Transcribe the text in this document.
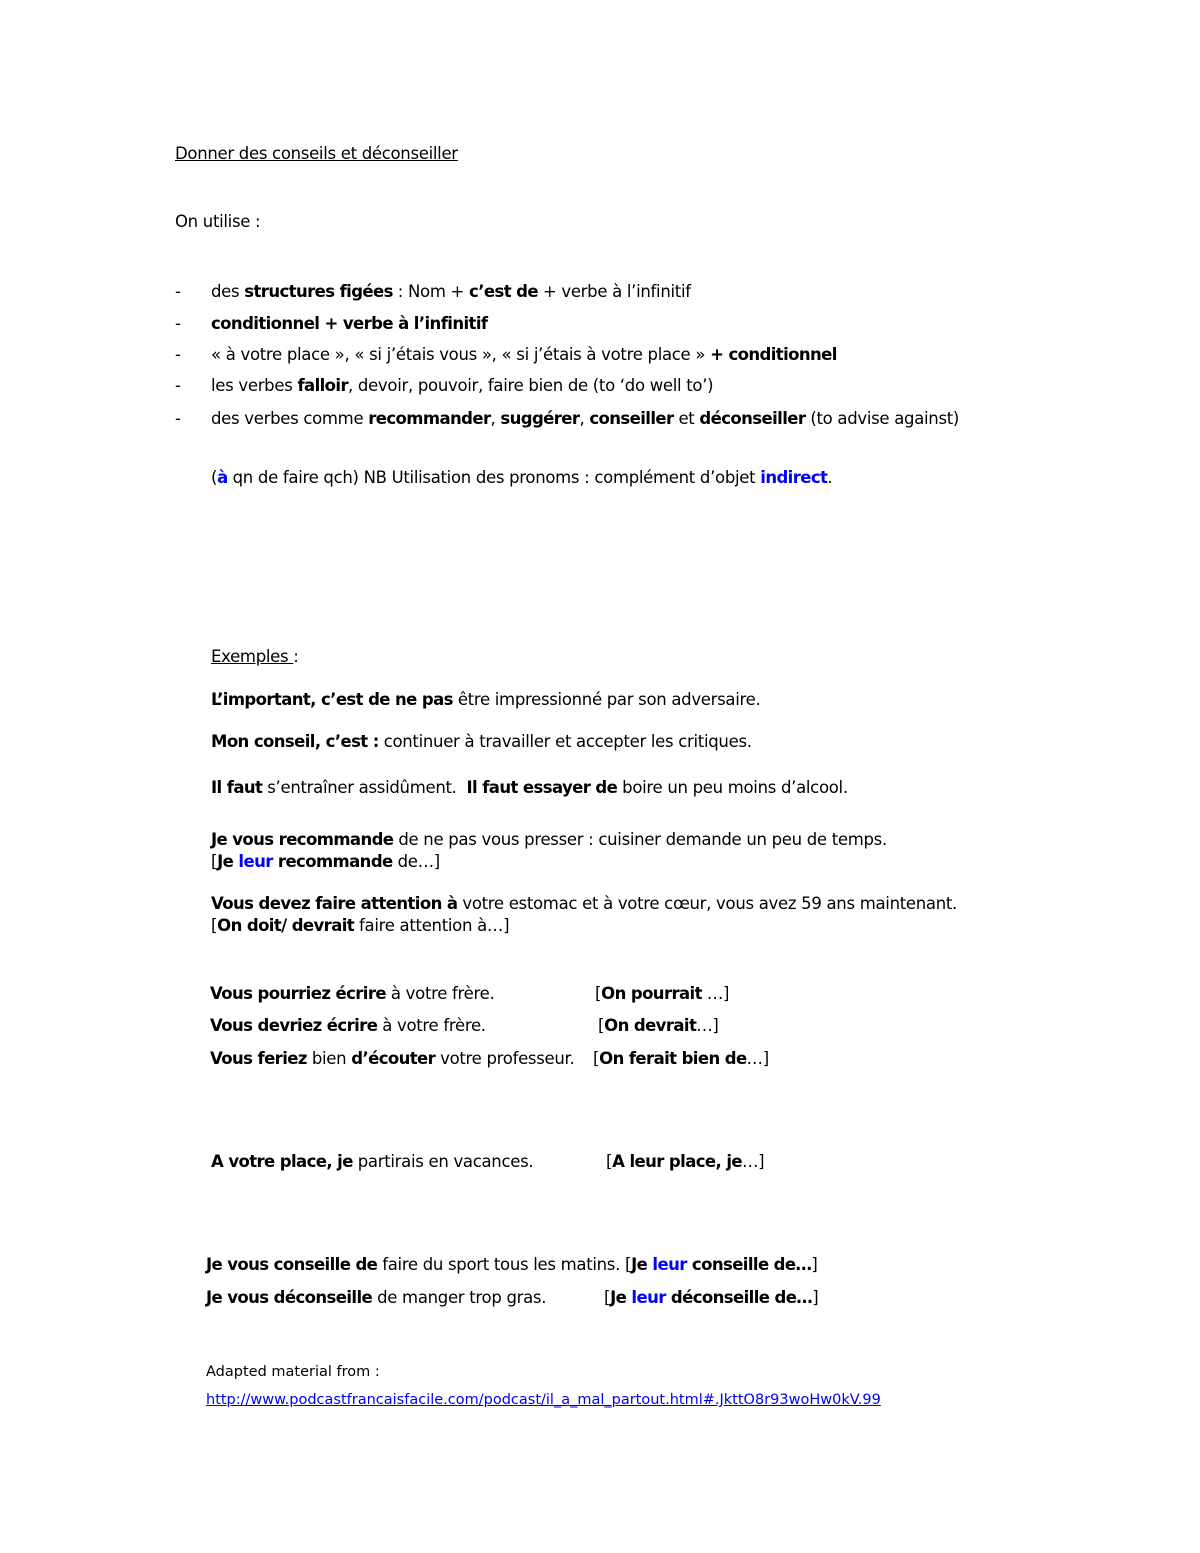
Donner des conseils et déconseiller
On utilise :
- des structures figées : Nom + c’est de + verbe à l’infinitif
- conditionnel + verbe à l’infinitif
- « à votre place », « si j’étais vous », « si j’étais à votre place » + conditionnel
- les verbes falloir, devoir, pouvoir, faire bien de (to ‘do well to’)
- des verbes comme recommander, suggérer, conseiller et déconseiller (to advise against)
(à qn de faire qch) NB Utilisation des pronoms : complément d’objet indirect.
Exemples :
L’important, c’est de ne pas être impressionné par son adversaire.
Mon conseil, c’est : continuer à travailler et accepter les critiques.
Il faut s’entraîner assidûment.  Il faut essayer de boire un peu moins d’alcool.
Je vous recommande de ne pas vous presser : cuisiner demande un peu de temps.
[Je leur recommande de…]
Vous devez faire attention à votre estomac et à votre cœur, vous avez 59 ans maintenant.
[On doit/ devrait faire attention à…]
Vous pourriez écrire à votre frère.	[On pourrait …]
Vous devriez écrire à votre frère.	[On devrait…]
Vous feriez bien d’écouter votre professeur. [On ferait bien de…]
A votre place, je partirais en vacances.	[A leur place, je…]
Je vous conseille de faire du sport tous les matins. [Je leur conseille de…]
Je vous déconseille de manger trop gras.	[Je leur déconseille de…]
Adapted material from :
http://www.podcastfrancaisfacile.com/podcast/il_a_mal_partout.html#.JkttO8r93woHw0kV.99
